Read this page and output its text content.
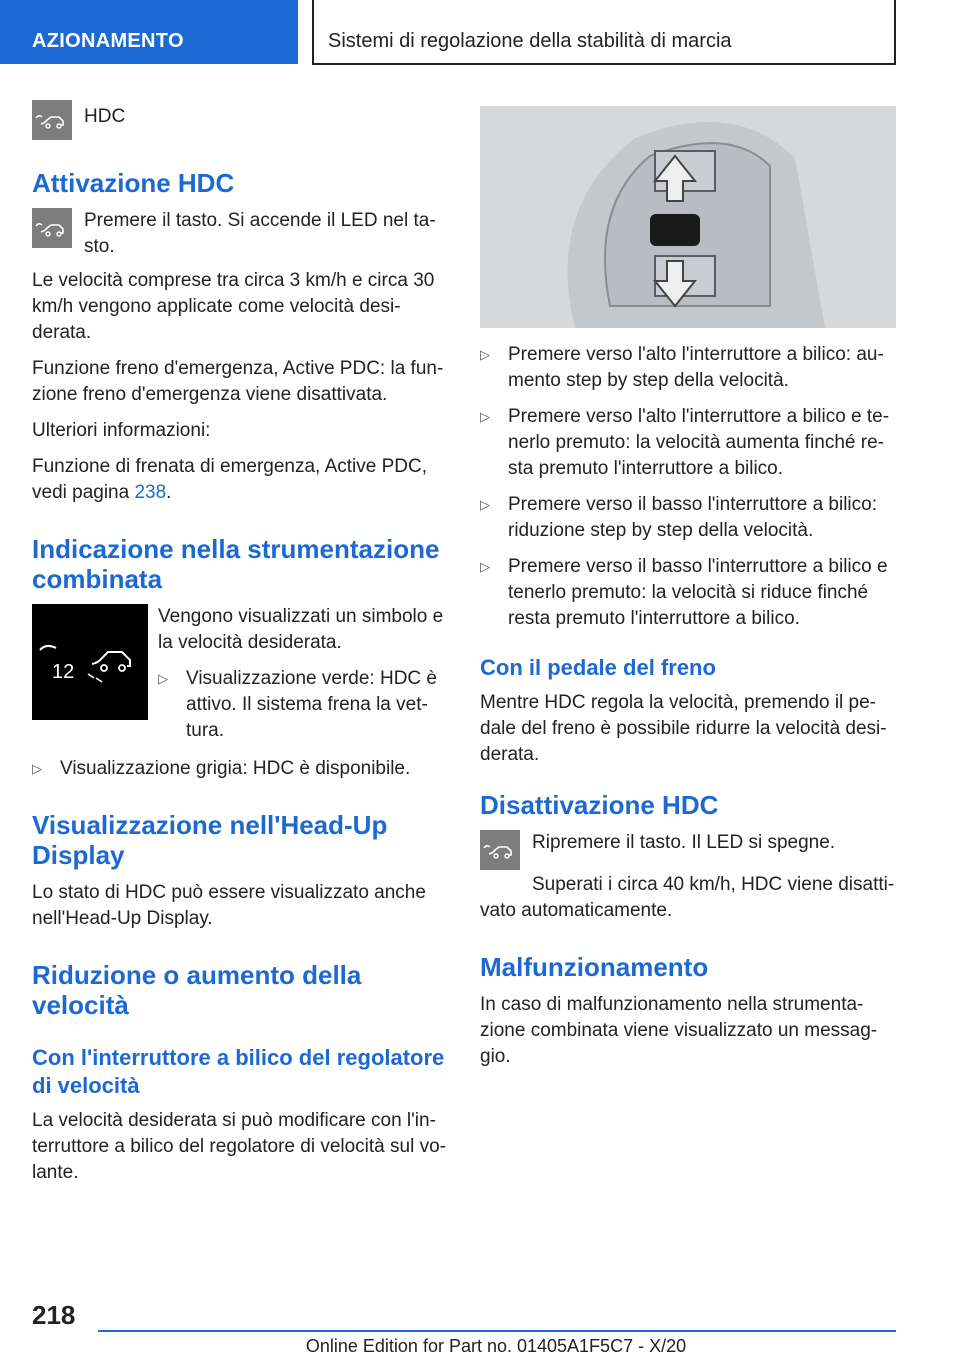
AZIONAMENTO	Sistemi di regolazione della stabilità di marcia

HDC

Attivazione HDC

Premere il tasto. Si accende il LED nel ta-sto.

Le velocità comprese tra circa 3 km/h e circa 30 km/h vengono applicate come velocità desi-derata.

Funzione freno d'emergenza, Active PDC: la fun-zione freno d'emergenza viene disattivata.

Ulteriori informazioni:

Funzione di frenata di emergenza, Active PDC, vedi pagina 238.

Indicazione nella strumentazione combinata
12

Vengono visualizzati un simbolo e la velocità desiderata.

▷ Visualizzazione verde: HDC è attivo. Il sistema frena la vet-tura.
▷ Visualizzazione grigia: HDC è disponibile.
Visualizzazione nell'Head-Up Display

Lo stato di HDC può essere visualizzato anche nell'Head-Up Display.

Riduzione o aumento della velocità
Con l'interruttore a bilico del regolatore di velocità

La velocità desiderata si può modificare con l'in-terruttore a bilico del regolatore di velocità sul vo-lante.

▷ Premere verso l'alto l'interruttore a bilico: au-mento step by step della velocità.
▷ Premere verso l'alto l'interruttore a bilico e te-nerlo premuto: la velocità aumenta finché re-sta premuto l'interruttore a bilico.
▷ Premere verso il basso l'interruttore a bilico: riduzione step by step della velocità.
▷ Premere verso il basso l'interruttore a bilico e tenerlo premuto: la velocità si riduce finché resta premuto l'interruttore a bilico.
Con il pedale del freno

Mentre HDC regola la velocità, premendo il pe-dale del freno è possibile ridurre la velocità desi-derata.

Disattivazione HDC

Ripremere il tasto. Il LED si spegne.

Superati i circa 40 km/h, HDC viene disatti-vato automaticamente.

Malfunzionamento

In caso di malfunzionamento nella strumenta-zione combinata viene visualizzato un messag-gio.

218
Online Edition for Part no. 01405A1F5C7 - X/20
